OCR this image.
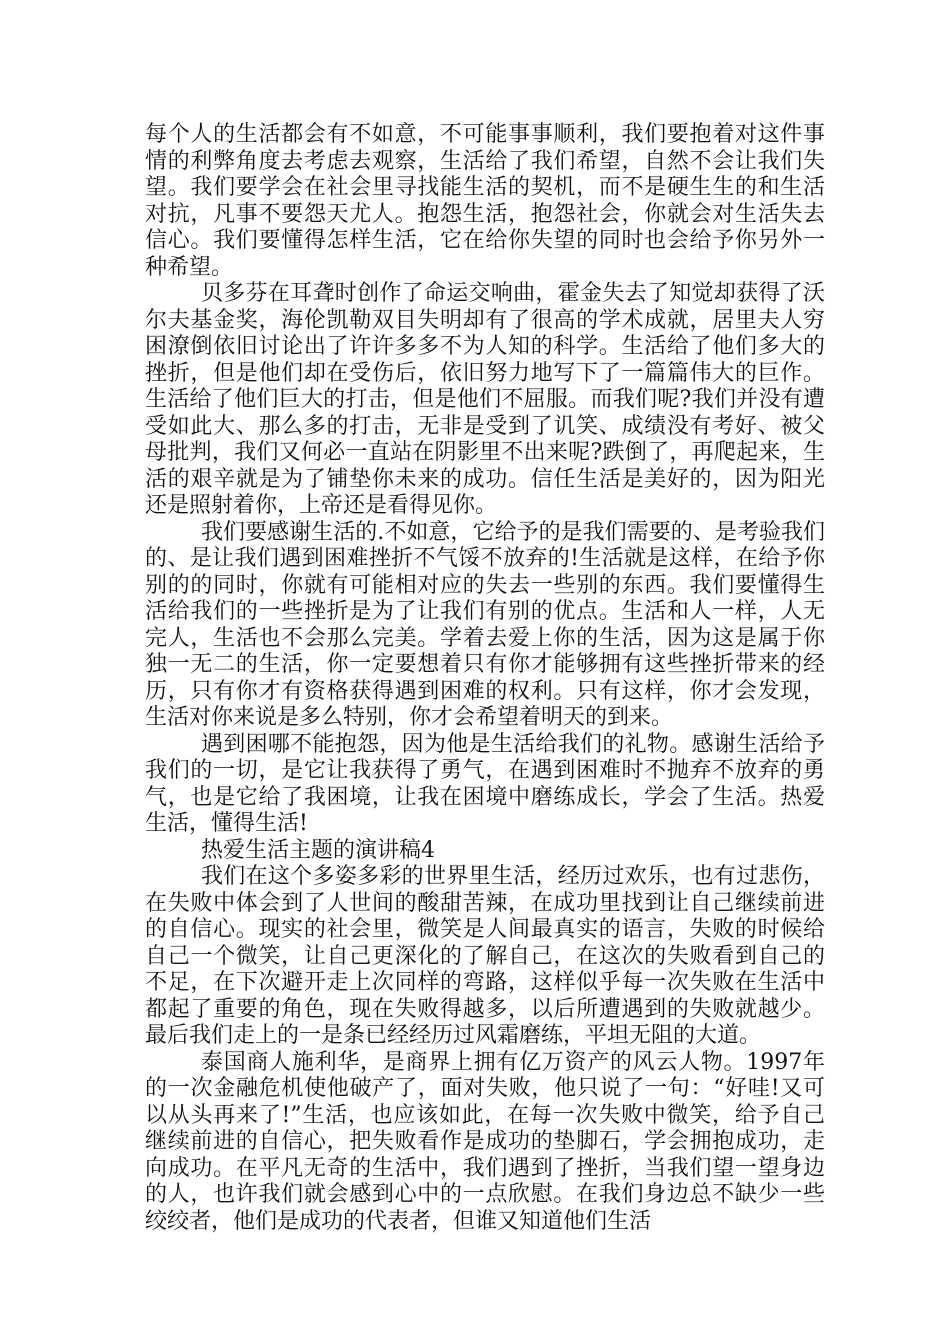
每个人的生活都会有不如意，不可能事事顺利，我们要抱着对这件事情的利弊角度去考虑去观察，生活给了我们希望，自然不会让我们失望。我们要学会在社会里寻找能生活的契机，而不是硬生生的和生活对抗，凡事不要怨天尤人。抱怨生活，抱怨社会，你就会对生活失去信心。我们要懂得怎样生活，它在给你失望的同时也会给予你另外一种希望。

贝多芬在耳聋时创作了命运交响曲，霍金失去了知觉却获得了沃尔夫基金奖，海伦凯勒双目失明却有了很高的学术成就，居里夫人穷困潦倒依旧讨论出了许许多多不为人知的科学。生活给了他们多大的挫折，但是他们却在受伤后，依旧努力地写下了一篇篇伟大的巨作。生活给了他们巨大的打击，但是他们不屈服。而我们呢?我们并没有遭受如此大、那么多的打击，无非是受到了讥笑、成绩没有考好、被父母批判，我们又何必一直站在阴影里不出来呢?跌倒了，再爬起来，生活的艰辛就是为了铺垫你未来的成功。信任生活是美好的，因为阳光还是照射着你，上帝还是看得见你。

我们要感谢生活的.不如意，它给予的是我们需要的、是考验我们的、是让我们遇到困难挫折不气馁不放弃的!生活就是这样，在给予你别的的同时，你就有可能相对应的失去一些别的东西。我们要懂得生活给我们的一些挫折是为了让我们有别的优点。生活和人一样，人无完人，生活也不会那么完美。学着去爱上你的生活，因为这是属于你独一无二的生活，你一定要想着只有你才能够拥有这些挫折带来的经历，只有你才有资格获得遇到困难的权利。只有这样，你才会发现，生活对你来说是多么特别，你才会希望着明天的到来。

遇到困哪不能抱怨，因为他是生活给我们的礼物。感谢生活给予我们的一切，是它让我获得了勇气，在遇到困难时不抛弃不放弃的勇气，也是它给了我困境，让我在困境中磨练成长，学会了生活。热爱生活，懂得生活!

热爱生活主题的演讲稿4

我们在这个多姿多彩的世界里生活，经历过欢乐，也有过悲伤，在失败中体会到了人世间的酸甜苦辣，在成功里找到让自己继续前进的自信心。现实的社会里，微笑是人间最真实的语言，失败的时候给自己一个微笑，让自己更深化的了解自己，在这次的失败看到自己的不足，在下次避开走上次同样的弯路，这样似乎每一次失败在生活中都起了重要的角色，现在失败得越多，以后所遭遇到的失败就越少。最后我们走上的一是条已经经历过风霜磨练，平坦无阻的大道。

泰国商人施利华，是商界上拥有亿万资产的风云人物。1997年的一次金融危机使他破产了，面对失败，他只说了一句：“好哇!又可以从头再来了!”生活，也应该如此，在每一次失败中微笑，给予自己继续前进的自信心，把失败看作是成功的垫脚石，学会拥抱成功，走向成功。在平凡无奇的生活中，我们遇到了挫折，当我们望一望身边的人，也许我们就会感到心中的一点欣慰。在我们身边总不缺少一些绞绞者，他们是成功的代表者，但谁又知道他们生活
